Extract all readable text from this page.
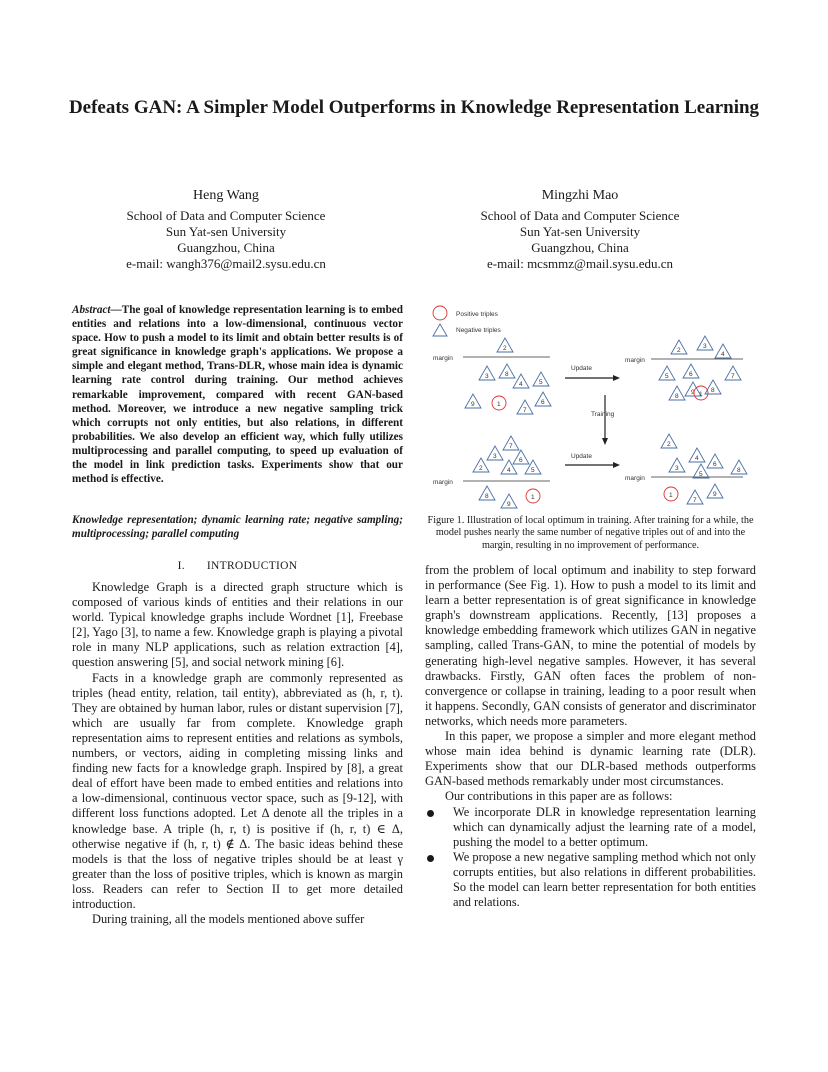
Defeats GAN: A Simpler Model Outperforms in Knowledge Representation Learning
Heng Wang
School of Data and Computer Science
Sun Yat-sen University
Guangzhou, China
e-mail: wangh376@mail2.sysu.edu.cn
Mingzhi Mao
School of Data and Computer Science
Sun Yat-sen University
Guangzhou, China
e-mail: mcsmmz@mail.sysu.edu.cn
Abstract—The goal of knowledge representation learning is to embed entities and relations into a low-dimensional, continuous vector space. How to push a model to its limit and obtain better results is of great significance in knowledge graph's applications. We propose a simple and elegant method, Trans-DLR, whose main idea is dynamic learning rate control during training. Our method achieves remarkable improvement, compared with recent GAN-based method. Moreover, we introduce a new negative sampling trick which corrupts not only entities, but also relations, in different probabilities. We also develop an efficient way, which fully utilizes multiprocessing and parallel computing, to speed up evaluation of the model in link prediction tasks. Experiments show that our method is effective.
Knowledge representation; dynamic learning rate; negative sampling; multiprocessing; parallel computing
I. INTRODUCTION

Knowledge Graph is a directed graph structure which is composed of various kinds of entities and their relations in our world. Typical knowledge graphs include Wordnet [1], Freebase [2], Yago [3], to name a few. Knowledge graph is playing a pivotal role in many NLP applications, such as relation extraction [4], question answering [5], and social network mining [6].

Facts in a knowledge graph are commonly represented as triples (head entity, relation, tail entity), abbreviated as (h, r, t). They are obtained by human labor, rules or distant supervision [7], which are usually far from complete. Knowledge graph representation aims to represent entities and relations as symbols, numbers, or vectors, aiding in completing missing links and finding new facts for a knowledge graph. Inspired by [8], a great deal of effort have been made to embed entities and relations into a low-dimensional, continuous vector space, such as [9-12], with different loss functions adopted. Let Δ denote all the triples in a knowledge base. A triple (h, r, t) is positive if (h, r, t) ∈ Δ, otherwise negative if (h, r, t) ∉ Δ. The basic ideas behind these models is that the loss of negative triples should be at least γ greater than the loss of positive triples, which is known as margin loss. Readers can refer to Section II to get more detailed introduction.

During training, all the models mentioned above suffer

Positive triples
Negative triples
margin
2
3	8
4	5
6
7
9	1
Update
Training
Update
margin
2
3
4
5	6
9
7
8
8
1
margin
7
3
6
2	4	5
8
9
1
margin
2
4
6
3
5
8
9
7
1
Figure 1. Illustration of local optimum in training. After training for a while, the model pushes nearly the same number of negative triples out of and into the margin, resulting in no improvement of performance.

from the problem of local optimum and inability to step forward in performance (See Fig. 1). How to push a model to its limit and learn a better representation is of great significance in knowledge graph's downstream applications. Recently, [13] proposes a knowledge embedding framework which utilizes GAN in negative sampling, called Trans-GAN, to mine the potential of models by generating high-level negative samples. However, it has several drawbacks. Firstly, GAN often faces the problem of non-convergence or collapse in training, leading to a poor result when it happens. Secondly, GAN consists of generator and discriminator networks, which needs more parameters.

In this paper, we propose a simpler and more elegant method whose main idea behind is dynamic learning rate (DLR). Experiments show that our DLR-based methods outperforms GAN-based methods remarkably under most circumstances.

Our contributions in this paper are as follows:

We incorporate DLR in knowledge representation learning which can dynamically adjust the learning rate of a model, pushing the model to a better optimum.
We propose a new negative sampling method which not only corrupts entities, but also relations in different probabilities. So the model can learn better representation for both entities and relations.
